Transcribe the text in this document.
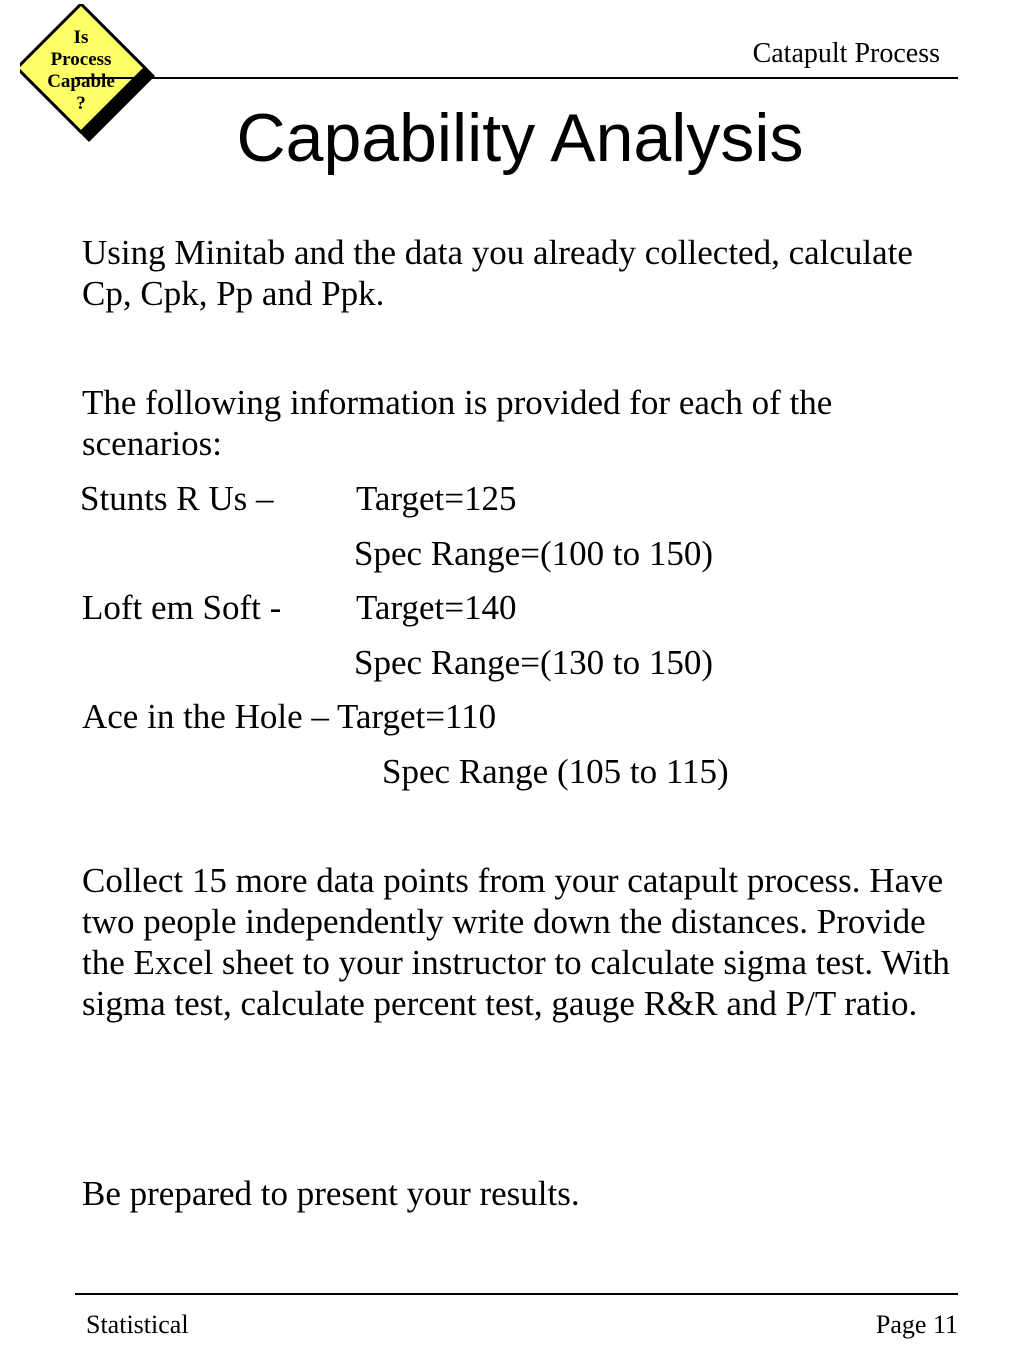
Is
Process
Capable
?
Catapult Process
Capability Analysis

Using Minitab and the data you already collected, calculate Cp, Cpk, Pp and Ppk.

The following information is provided for each of the scenarios:

Stunts R Us – Target=125
Spec Range=(100 to 150)
Loft em Soft - Target=140
Spec Range=(130 to 150)
Ace in the Hole – Target=110
Spec Range (105 to 115)

Collect 15 more data points from your catapult process. Have two people independently write down the distances. Provide the Excel sheet to your instructor to calculate sigma test. With sigma test, calculate percent test, gauge R&R and P/T ratio.

Be prepared to present your results.

Statistical	Page 11
